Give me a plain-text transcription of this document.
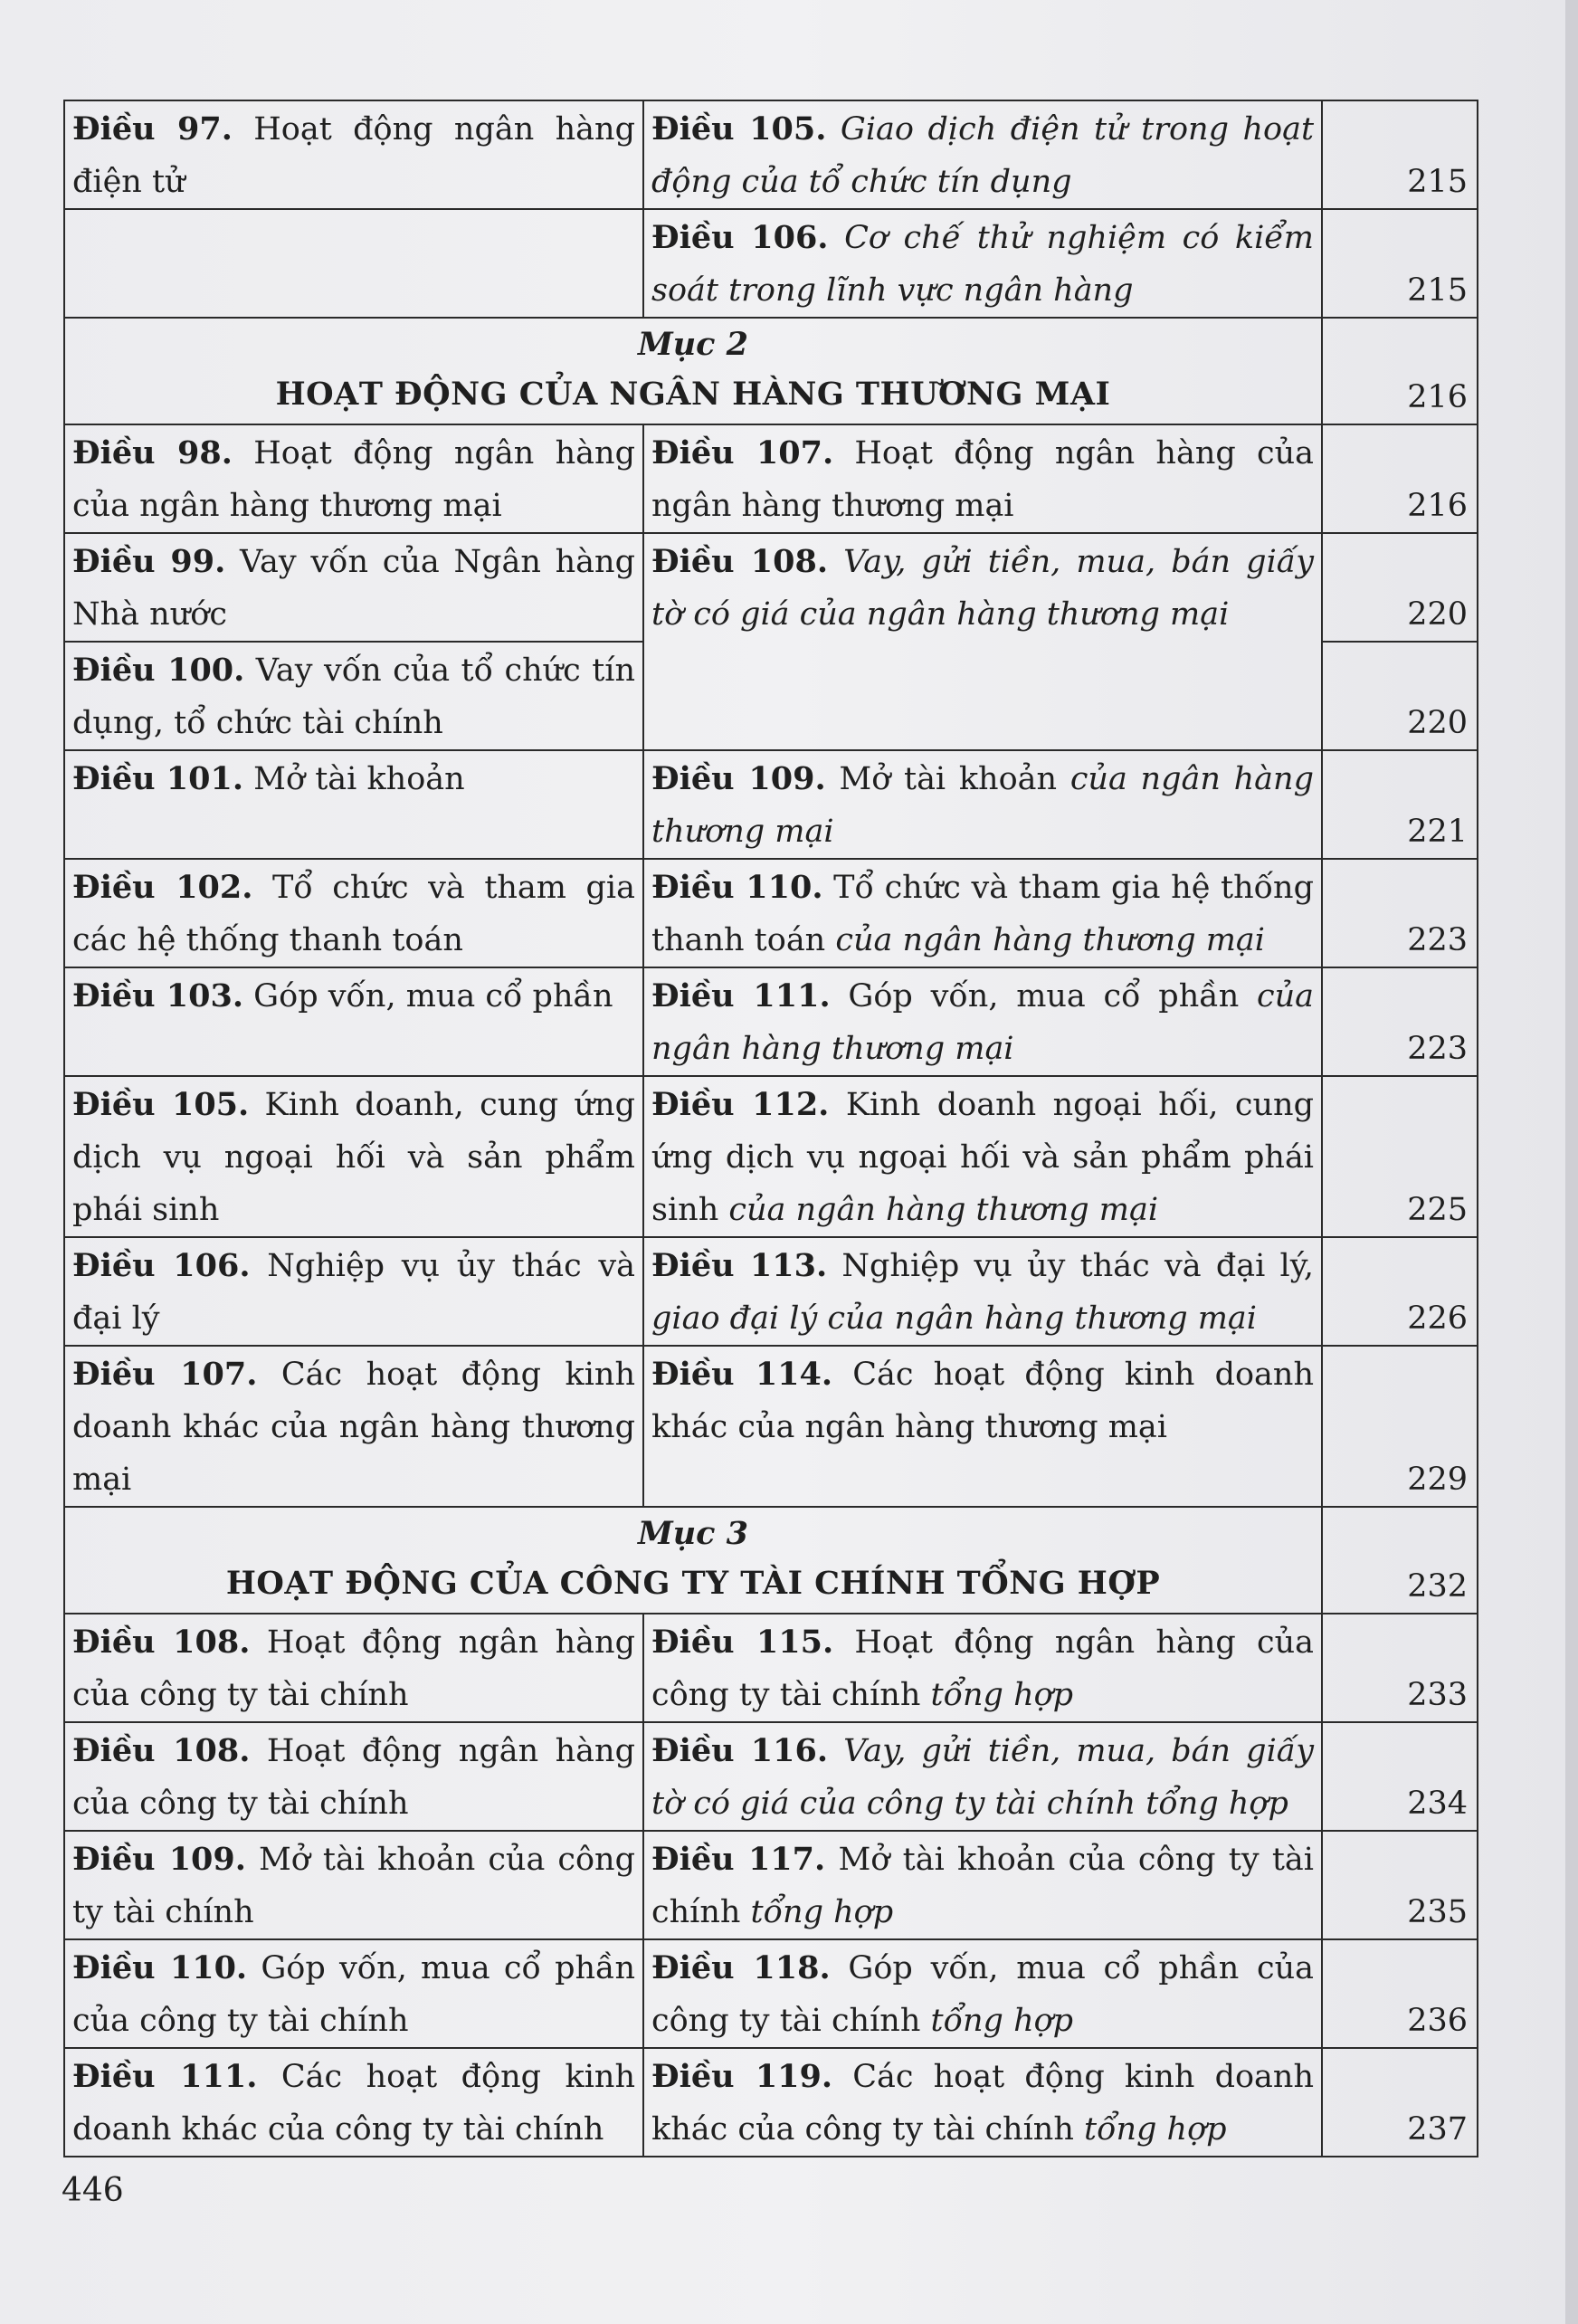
Điều 97. Hoạt động ngân hàng điện tử	Điều 105. Giao dịch điện tử trong hoạt động của tổ chức tín dụng	215
	Điều 106. Cơ chế thử nghiệm có kiểm soát trong lĩnh vực ngân hàng	215

Mục 2
HOẠT ĐỘNG CỦA NGÂN HÀNG THƯƠNG MẠI		216
Điều 98. Hoạt động ngân hàng của ngân hàng thương mại	Điều 107. Hoạt động ngân hàng của ngân hàng thương mại	216
Điều 99. Vay vốn của Ngân hàng Nhà nước	Điều 108. Vay, gửi tiền, mua, bán giấy tờ có giá của ngân hàng thương mại	220
Điều 100. Vay vốn của tổ chức tín dụng, tổ chức tài chính		220
Điều 101. Mở tài khoản	Điều 109. Mở tài khoản của ngân hàng thương mại	221
Điều 102. Tổ chức và tham gia các hệ thống thanh toán	Điều 110. Tổ chức và tham gia hệ thống thanh toán của ngân hàng thương mại	223
Điều 103. Góp vốn, mua cổ phần	Điều 111. Góp vốn, mua cổ phần của ngân hàng thương mại	223
Điều 105. Kinh doanh, cung ứng dịch vụ ngoại hối và sản phẩm phái sinh	Điều 112. Kinh doanh ngoại hối, cung ứng dịch vụ ngoại hối và sản phẩm phái sinh của ngân hàng thương mại	225
Điều 106. Nghiệp vụ ủy thác và đại lý	Điều 113. Nghiệp vụ ủy thác và đại lý, giao đại lý của ngân hàng thương mại	226
Điều 107. Các hoạt động kinh doanh khác của ngân hàng thương mại	Điều 114. Các hoạt động kinh doanh khác của ngân hàng thương mại	229

Mục 3
HOẠT ĐỘNG CỦA CÔNG TY TÀI CHÍNH TỔNG HỢP		232
Điều 108. Hoạt động ngân hàng của công ty tài chính	Điều 115. Hoạt động ngân hàng của công ty tài chính tổng hợp	233
Điều 108. Hoạt động ngân hàng của công ty tài chính	Điều 116. Vay, gửi tiền, mua, bán giấy tờ có giá của công ty tài chính tổng hợp	234
Điều 109. Mở tài khoản của công ty tài chính	Điều 117. Mở tài khoản của công ty tài chính tổng hợp	235
Điều 110. Góp vốn, mua cổ phần của công ty tài chính	Điều 118. Góp vốn, mua cổ phần của công ty tài chính tổng hợp	236
Điều 111. Các hoạt động kinh doanh khác của công ty tài chính	Điều 119. Các hoạt động kinh doanh khác của công ty tài chính tổng hợp	237
446
